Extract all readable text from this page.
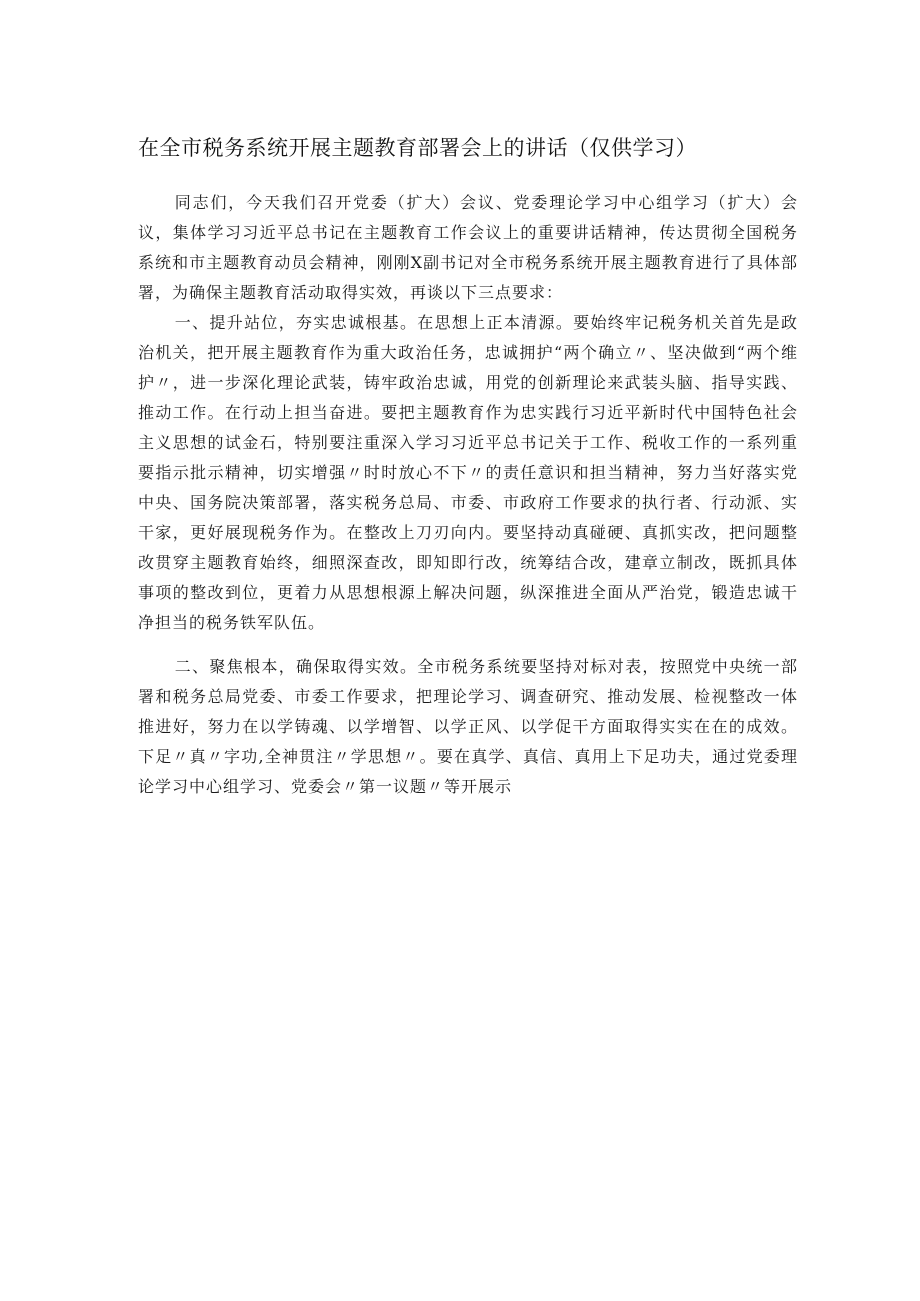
在全市税务系统开展主题教育部署会上的讲话（仅供学习）

同志们，今天我们召开党委（扩大）会议、党委理论学习中心组学习（扩大）会议，集体学习习近平总书记在主题教育工作会议上的重要讲话精神，传达贯彻全国税务系统和市主题教育动员会精神，刚刚X副书记对全市税务系统开展主题教育进行了具体部署，为确保主题教育活动取得实效，再谈以下三点要求：

一、提升站位，夯实忠诚根基。在思想上正本清源。要始终牢记税务机关首先是政治机关，把开展主题教育作为重大政治任务，忠诚拥护“两个确立〃、坚决做到“两个维护〃，进一步深化理论武装，铸牢政治忠诚，用党的创新理论来武装头脑、指导实践、推动工作。在行动上担当奋进。要把主题教育作为忠实践行习近平新时代中国特色社会主义思想的试金石，特别要注重深入学习习近平总书记关于工作、税收工作的一系列重要指示批示精神，切实增强〃时时放心不下〃的责任意识和担当精神，努力当好落实党中央、国务院决策部署，落实税务总局、市委、市政府工作要求的执行者、行动派、实干家，更好展现税务作为。在整改上刀刃向内。要坚持动真碰硬、真抓实改，把问题整改贯穿主题教育始终，细照深查改，即知即行改，统筹结合改，建章立制改，既抓具体事项的整改到位，更着力从思想根源上解决问题，纵深推进全面从严治党，锻造忠诚干净担当的税务铁军队伍。

二、聚焦根本，确保取得实效。全市税务系统要坚持对标对表，按照党中央统一部署和税务总局党委、市委工作要求，把理论学习、调查研究、推动发展、检视整改一体推进好，努力在以学铸魂、以学增智、以学正风、以学促干方面取得实实在在的成效。下足〃真〃字功,全神贯注〃学思想〃。要在真学、真信、真用上下足功夫，通过党委理论学习中心组学习、党委会〃第一议题〃等开展示
